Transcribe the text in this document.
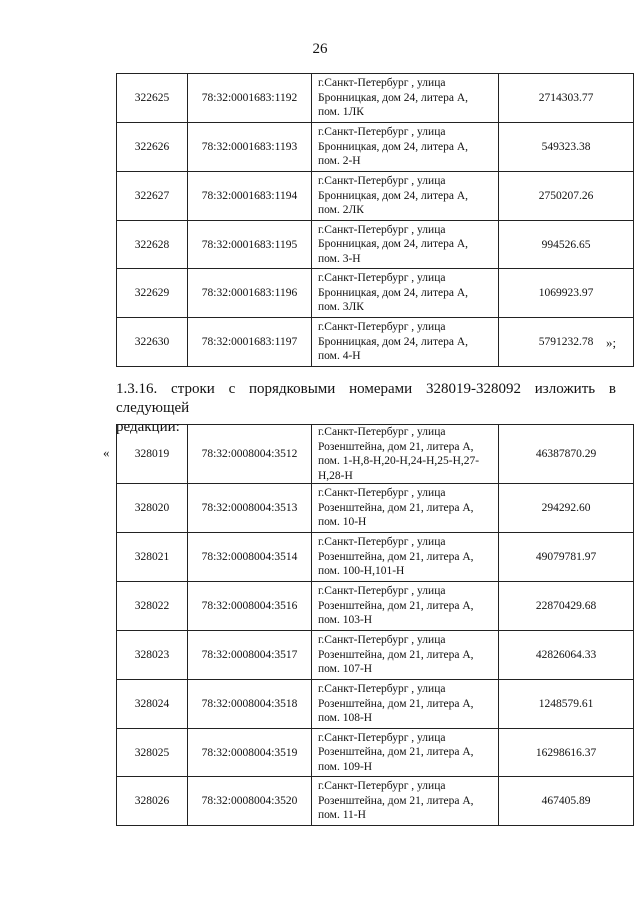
26
322625	78:32:0001683:1192	г.Санкт-Петербург , улица
Бронницкая, дом 24, литера А,
пом. 1ЛК	2714303.77
322626	78:32:0001683:1193	г.Санкт-Петербург , улица
Бронницкая, дом 24, литера А,
пом. 2-Н	549323.38
322627	78:32:0001683:1194	г.Санкт-Петербург , улица
Бронницкая, дом 24, литера А,
пом. 2ЛК	2750207.26
322628	78:32:0001683:1195	г.Санкт-Петербург , улица
Бронницкая, дом 24, литера А,
пом. 3-Н	994526.65
322629	78:32:0001683:1196	г.Санкт-Петербург , улица
Бронницкая, дом 24, литера А,
пом. 3ЛК	1069923.97
322630	78:32:0001683:1197	г.Санкт-Петербург , улица
Бронницкая, дом 24, литера А,
пом. 4-Н	5791232.78 »;
1.3.16. строки с порядковыми номерами 328019-328092 изложить в следующей
редакции:
« 328019	78:32:0008004:3512	г.Санкт-Петербург , улица
Розенштейна, дом 21, литера А,
пом. 1-Н,8-Н,20-Н,24-Н,25-Н,27-
Н,28-Н	46387870.29
328020	78:32:0008004:3513	г.Санкт-Петербург , улица
Розенштейна, дом 21, литера А,
пом. 10-Н	294292.60
328021	78:32:0008004:3514	г.Санкт-Петербург , улица
Розенштейна, дом 21, литера А,
пом. 100-Н,101-Н	49079781.97
328022	78:32:0008004:3516	г.Санкт-Петербург , улица
Розенштейна, дом 21, литера А,
пом. 103-Н	22870429.68
328023	78:32:0008004:3517	г.Санкт-Петербург , улица
Розенштейна, дом 21, литера А,
пом. 107-Н	42826064.33
328024	78:32:0008004:3518	г.Санкт-Петербург , улица
Розенштейна, дом 21, литера А,
пом. 108-Н	1248579.61
328025	78:32:0008004:3519	г.Санкт-Петербург , улица
Розенштейна, дом 21, литера А,
пом. 109-Н	16298616.37
328026	78:32:0008004:3520	г.Санкт-Петербург , улица
Розенштейна, дом 21, литера А,
пом. 11-Н	467405.89
